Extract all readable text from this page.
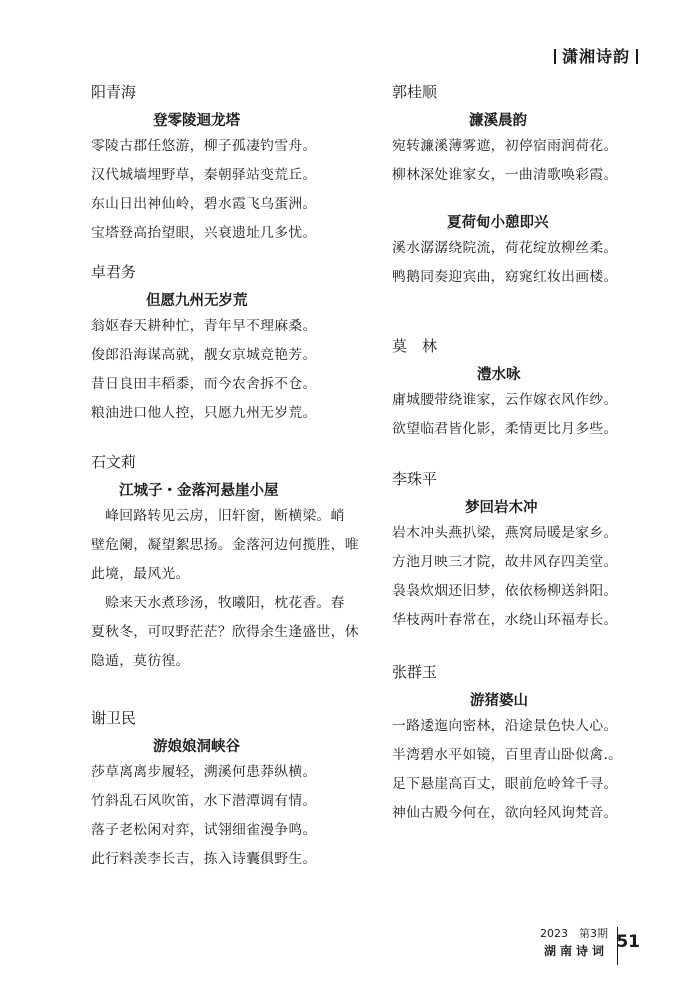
潇湘诗韵
阳青海
登零陵迴龙塔
零陵古郡任悠游，柳子孤凄钓雪舟。
汉代城墙埋野草，秦朝驿站变荒丘。
东山日出神仙岭，碧水霞飞乌蛋洲。
宝塔登高抬望眼，兴衰遗址几多忧。
卓君务
但愿九州无岁荒
翁妪春天耕种忙，青年早不理麻桑。
俊郎沿海谋高就，靓女京城竞艳芳。
昔日良田丰稻黍，而今农舍拆不仓。
粮油进口他人控，只愿九州无岁荒。
石文莉
江城子・金落河悬崖小屋
　峰回路转见云房，旧轩窗，断横梁。峭
壁危阑，凝望絮思扬。金落河边何揽胜，唯
此境，最风光。
　赊来天水煮珍汤，牧曦阳，枕花香。春
夏秋冬，可叹野茫茫？欣得余生逢盛世，休
隐遁，莫彷徨。
谢卫民
游娘娘洞峡谷
莎草离离步履轻，溯溪何患莽纵横。
竹斜乱石风吹笛，水下潜潭调有情。
落子老松闲对弈，试翎细雀漫争鸣。
此行料羡李长吉，拣入诗囊俱野生。
郭桂顺
濂溪晨韵
宛转濂溪薄雾遮，初停宿雨润荷花。
柳林深处谁家女，一曲清歌唤彩霞。
夏荷甸小憩即兴
溪水潺潺绕院流，荷花绽放柳丝柔。
鸭鹅同奏迎宾曲，窈窕红妆出画楼。
莫　林
澧水咏
庸城腰带绕谁家，云作嫁衣风作纱。
欲望临君皆化影，柔情更比月多些。
李珠平
梦回岩木冲
岩木冲头燕扒梁，燕窝局暖是家乡。
方池月映三才院，故井风存四美堂。
袅袅炊烟还旧梦，依依杨柳送斜阳。
华枝两叶春常在，水绕山环福寿长。
张群玉
游猪婆山
一路逶迤向密林，沿途景色快人心。
半湾碧水平如镜，百里青山卧似禽.。
足下悬崖高百丈，眼前危岭耸千寻。
神仙古殿今何在，欲向轻风询梵音。
2023　第3期
湖南诗词 51
